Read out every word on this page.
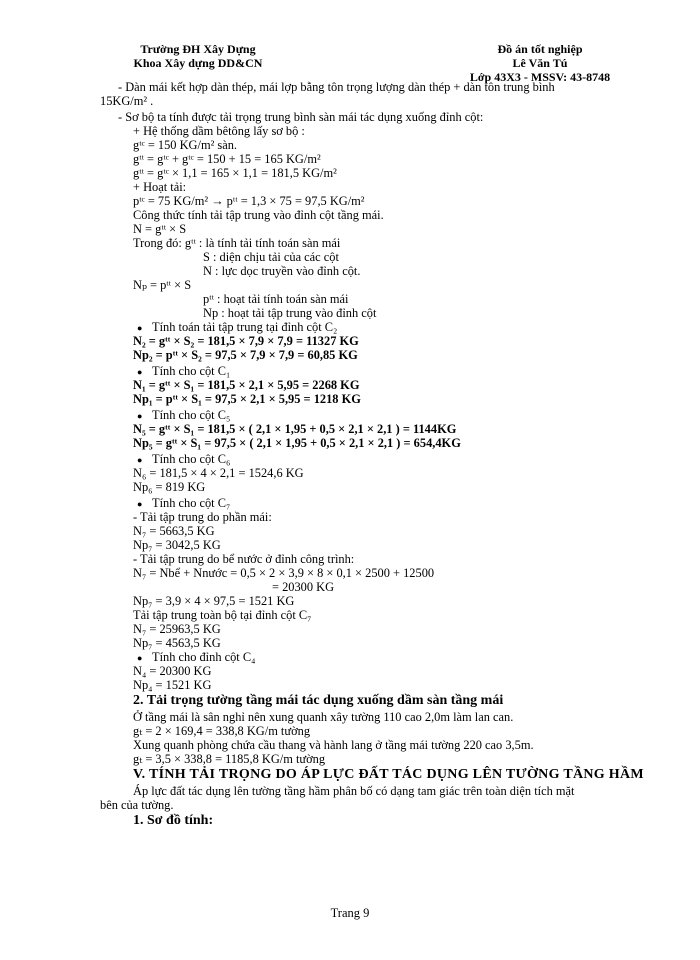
Trường ĐH Xây Dựng
Khoa Xây dựng DD&CN
Đồ án tốt nghiệp
Lê Văn Tú
Lớp 43X3 - MSSV: 43-8748
- Dàn mái kết hợp dàn thép, mái lợp bằng tôn trọng lượng dàn thép + dàn tôn trung bình
15KG/m² .
- Sơ bộ ta tính được tải trọng trung bình sàn mái tác dụng xuống đỉnh cột:
+ Hệ thống dầm bêtông lấy sơ bộ :
gᵗᶜ = 150 KG/m² sàn.
gᵗᵗ = gᵗᶜ + gᵗᶜ = 150 + 15 = 165 KG/m²
gᵗᵗ = gᵗᶜ × 1,1 = 165 × 1,1 = 181,5 KG/m²
+ Hoạt tải:
pᵗᶜ = 75 KG/m² → pᵗᵗ = 1,3 × 75 = 97,5 KG/m²
Công thức tính tải tập trung vào đỉnh cột tầng mái.
N = gᵗᵗ × S
Trong đó: gᵗᵗ : là tính tải tính toán sàn mái
S : diện chịu tải của các cột
N : lực dọc truyền vào đỉnh cột.
Nₚ = pᵗᵗ × S
pᵗᵗ : hoạt tải tính toán sàn mái
Np : hoạt tải tập trung vào đỉnh cột
● Tính toán tải tập trung tại đỉnh cột C₂
N₂ = gᵗᵗ × S₂ = 181,5 × 7,9 × 7,9 = 11327 KG
Np₂ = pᵗᵗ × S₂ = 97,5 × 7,9 × 7,9 = 60,85 KG
● Tính cho cột C₁
N₁ = gᵗᵗ × S₁ = 181,5 × 2,1 × 5,95 = 2268 KG
Np₁ = pᵗᵗ × S₁ = 97,5 × 2,1 × 5,95 = 1218 KG
● Tính cho cột C₅
N₅ = gᵗᵗ × S₁ = 181,5 × ( 2,1 × 1,95 + 0,5 × 2,1 × 2,1 ) = 1144KG
Np₅ = gᵗᵗ × S₁ = 97,5 × ( 2,1 × 1,95 + 0,5 × 2,1 × 2,1 ) = 654,4KG
● Tính cho cột C₆
N₆ = 181,5 × 4 × 2,1 = 1524,6 KG
Np₆ = 819 KG
● Tính cho cột C₇
- Tải tập trung do phần mái:
N₇ = 5663,5 KG
Np₇ = 3042,5 KG
- Tải tập trung do bể nước ở đỉnh công trình:
N₇ = Nbể + Nnước = 0,5 × 2 × 3,9 × 8 × 0,1 × 2500 + 12500
= 20300 KG
Np₇ = 3,9 × 4 × 97,5 = 1521 KG
Tải tập trung toàn bộ tại đỉnh cột C₇
N₇ = 25963,5 KG
Np₇ = 4563,5 KG
● Tính cho đỉnh cột C₄
N₄ = 20300 KG
Np₄ = 1521 KG
2. Tải trọng tường tầng mái tác dụng xuống dầm sàn tầng mái
Ở tầng mái là sân nghỉ nên xung quanh xây tường 110 cao 2,0m làm lan can.
gₜ = 2 × 169,4 = 338,8 KG/m tường
Xung quanh phòng chứa cầu thang và hành lang ở tầng mái tường 220 cao 3,5m.
gₜ = 3,5 × 338,8 = 1185,8 KG/m tường
V. TÍNH TẢI TRỌNG DO ÁP LỰC ĐẤT TÁC DỤNG LÊN TƯỜNG TẦNG HẦM
Áp lực đất tác dụng lên tường tầng hầm phân bố có dạng tam giác trên toàn diện tích mặt
bên của tường.
1. Sơ đồ tính:
Trang 9
